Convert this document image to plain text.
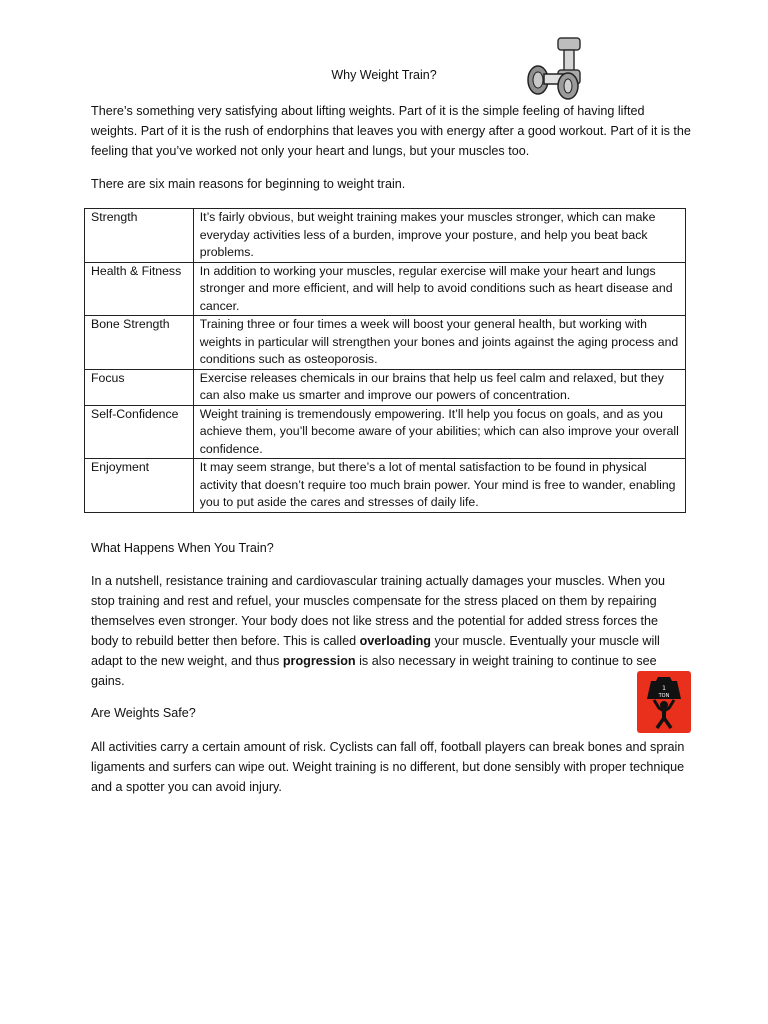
Why Weight Train?

There’s something very satisfying about lifting weights. Part of it is the simple feeling of having lifted weights. Part of it is the rush of endorphins that leaves you with energy after a good workout. Part of it is the feeling that you’ve worked not only your heart and lungs, but your muscles too.

There are six main reasons for beginning to weight train.

Strength	It’s fairly obvious, but weight training makes your muscles stronger, which can make everyday activities less of a burden, improve your posture, and help you beat back problems.
Health & Fitness	In addition to working your muscles, regular exercise will make your heart and lungs stronger and more efficient, and will help to avoid conditions such as heart disease and cancer.
Bone Strength	Training three or four times a week will boost your general health, but working with weights in particular will strengthen your bones and joints against the aging process and conditions such as osteoporosis.
Focus	Exercise releases chemicals in our brains that help us feel calm and relaxed, but they can also make us smarter and improve our powers of concentration.
Self-Confidence	Weight training is tremendously empowering. It’ll help you focus on goals, and as you achieve them, you’ll become aware of your abilities; which can also improve your overall confidence.
Enjoyment	It may seem strange, but there’s a lot of mental satisfaction to be found in physical activity that doesn’t require too much brain power. Your mind is free to wander, enabling you to put aside the cares and stresses of daily life.

What Happens When You Train?

In a nutshell, resistance training and cardiovascular training actually damages your muscles. When you stop training and rest and refuel, your muscles compensate for the stress placed on them by repairing themselves even stronger. Your body does not like stress and the potential for added stress forces the body to rebuild better then before. This is called overloading your muscle. Eventually your muscle will adapt to the new weight, and thus progression is also necessary in weight training to continue to see gains.

1
TON

Are Weights Safe?

All activities carry a certain amount of risk. Cyclists can fall off, football players can break bones and sprain ligaments and surfers can wipe out. Weight training is no different, but done sensibly with proper technique and a spotter you can avoid injury.
